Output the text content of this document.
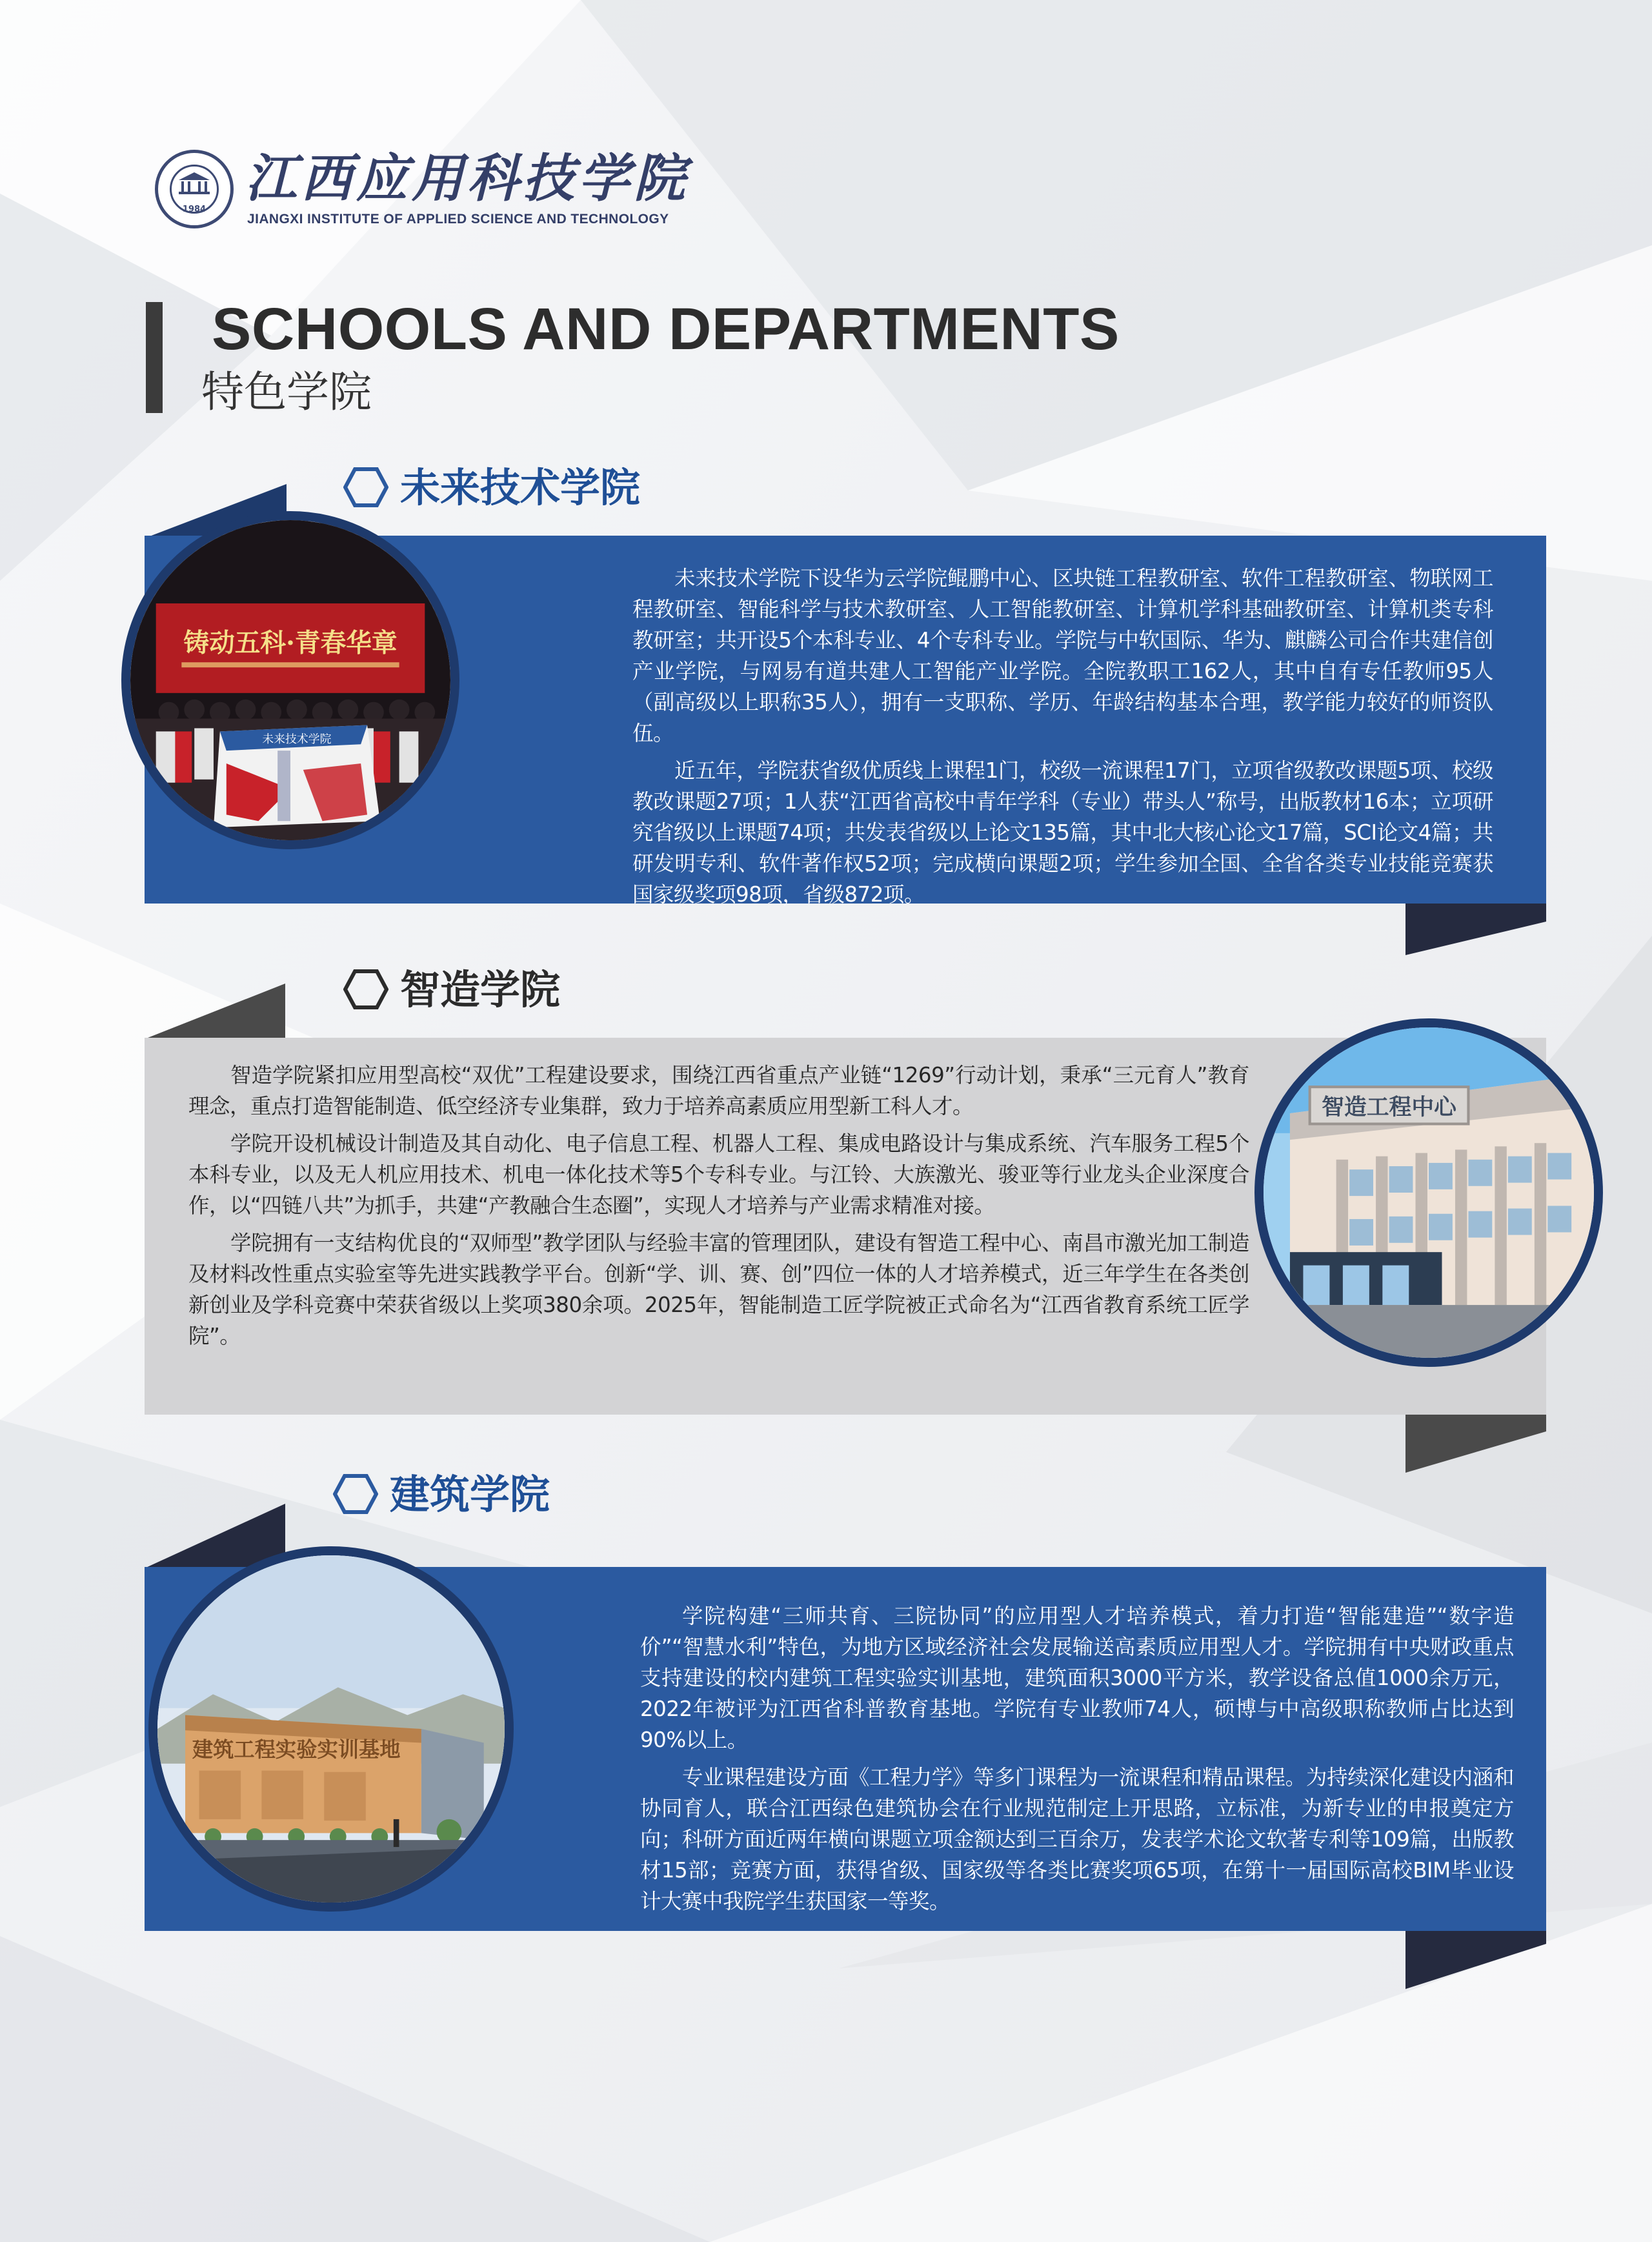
1984
江西应用科技学院
JIANGXI INSTITUTE OF APPLIED SCIENCE AND TECHNOLOGY
SCHOOLS AND DEPARTMENTS
特色学院
未来技术学院

未来技术学院下设华为云学院鲲鹏中心、区块链工程教研室、软件工程教研室、物联网工程教研室、智能科学与技术教研室、人工智能教研室、计算机学科基础教研室、计算机类专科教研室；共开设5个本科专业、4个专科专业。学院与中软国际、华为、麒麟公司合作共建信创产业学院，与网易有道共建人工智能产业学院。全院教职工162人，其中自有专任教师95人（副高级以上职称35人），拥有一支职称、学历、年龄结构基本合理，教学能力较好的师资队伍。

近五年，学院获省级优质线上课程1门，校级一流课程17门，立项省级教改课题5项、校级教改课题27项；1人获“江西省高校中青年学科（专业）带头人”称号，出版教材16本；立项研究省级以上课题74项；共发表省级以上论文135篇，其中北大核心论文17篇，SCI论文4篇；共研发明专利、软件著作权52项；完成横向课题2项；学生参加全国、全省各类专业技能竞赛获国家级奖项98项，省级872项。

铸动五科·青春华章
未来技术学院
智造学院

智造学院紧扣应用型高校“双优”工程建设要求，围绕江西省重点产业链“1269”行动计划，秉承“三元育人”教育理念，重点打造智能制造、低空经济专业集群，致力于培养高素质应用型新工科人才。

学院开设机械设计制造及其自动化、电子信息工程、机器人工程、集成电路设计与集成系统、汽车服务工程5个本科专业，以及无人机应用技术、机电一体化技术等5个专科专业。与江铃、大族激光、骏亚等行业龙头企业深度合作，以“四链八共”为抓手，共建“产教融合生态圈”，实现人才培养与产业需求精准对接。

学院拥有一支结构优良的“双师型”教学团队与经验丰富的管理团队，建设有智造工程中心、南昌市激光加工制造及材料改性重点实验室等先进实践教学平台。创新“学、训、赛、创”四位一体的人才培养模式，近三年学生在各类创新创业及学科竞赛中荣获省级以上奖项380余项。2025年，智能制造工匠学院被正式命名为“江西省教育系统工匠学院”。

智造工程中心
建筑学院

学院构建“三师共育、三院协同”的应用型人才培养模式，着力打造“智能建造”“数字造价”“智慧水利”特色，为地方区域经济社会发展输送高素质应用型人才。学院拥有中央财政重点支持建设的校内建筑工程实验实训基地，建筑面积3000平方米，教学设备总值1000余万元，2022年被评为江西省科普教育基地。学院有专业教师74人，硕博与中高级职称教师占比达到90%以上。

专业课程建设方面《工程力学》等多门课程为一流课程和精品课程。为持续深化建设内涵和协同育人，联合江西绿色建筑协会在行业规范制定上开思路，立标准，为新专业的申报奠定方向；科研方面近两年横向课题立项金额达到三百余万，发表学术论文软著专利等109篇，出版教材15部；竞赛方面，获得省级、国家级等各类比赛奖项65项，在第十一届国际高校BIM毕业设计大赛中我院学生获国家一等奖。

建筑工程实验实训基地
